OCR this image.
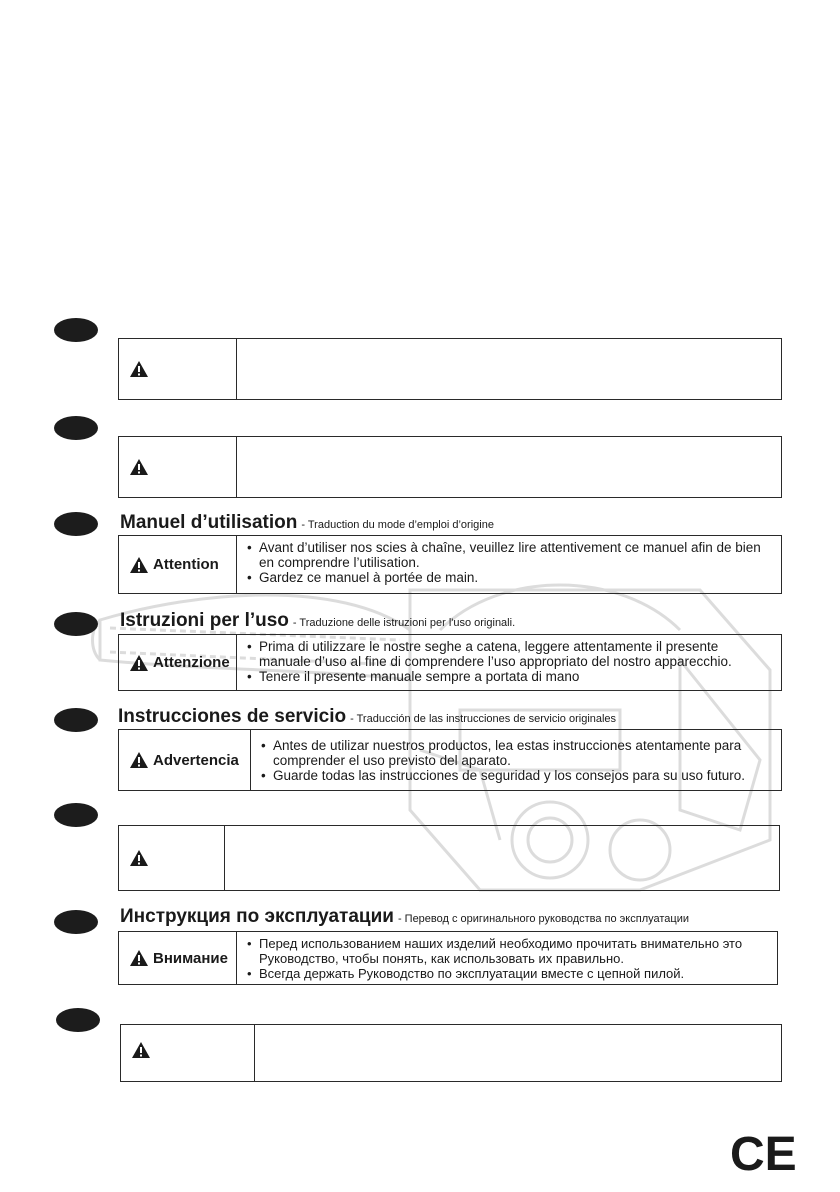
Manuel d’utilisation - Traduction du mode d’emploi d’origine
Attention
• Avant d’utiliser nos scies à chaîne, veuillez lire attentivement ce manuel afin de bien en comprendre l’utilisation.
• Gardez ce manuel à portée de main.
Istruzioni per l’uso - Traduzione delle istruzioni per l'uso originali.
Attenzione
• Prima di utilizzare le nostre seghe a catena, leggere attentamente il presente manuale d’uso al fine di comprendere l’uso appropriato del nostro apparecchio.
• Tenere il presente manuale sempre a portata di mano
Instrucciones de servicio - Traducción de las instrucciones de servicio originales
Advertencia
• Antes de utilizar nuestros productos, lea estas instrucciones atentamente para comprender el uso previsto del aparato.
• Guarde todas las instrucciones de seguridad y los consejos para su uso futuro.
Инструкция по эксплуатации - Перевод с оригинального руководства по эксплуатации
Внимание
• Перед использованием наших изделий необходимо прочитать внимательно это Руководство, чтобы понять, как использовать их правильно.
• Всегда держать Руководство по эксплуатации вместе с цепной пилой.
CE
